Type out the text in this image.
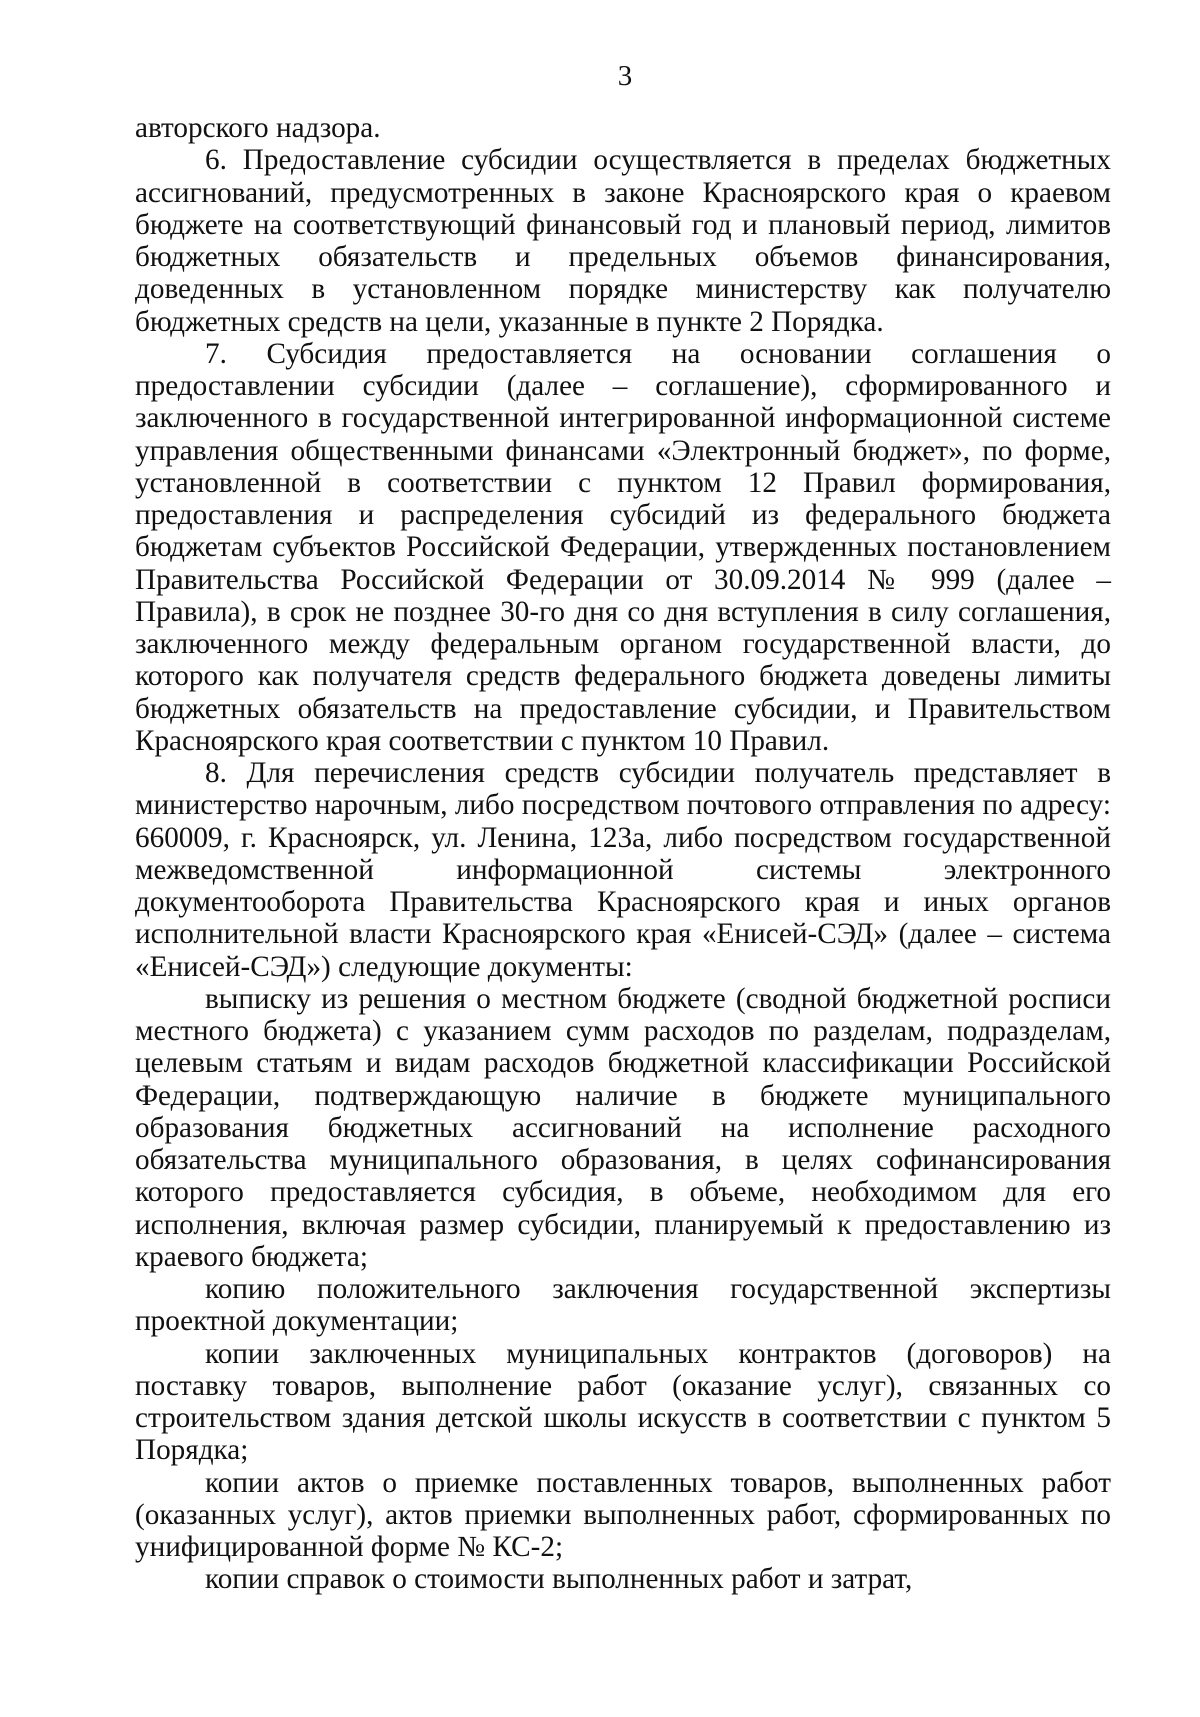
3

авторского надзора.

6. Предоставление субсидии осуществляется в пределах бюджетных ассигнований, предусмотренных в законе Красноярского края о краевом бюджете на соответствующий финансовый год и плановый период, лимитов бюджетных обязательств и предельных объемов финансирования, доведенных в установленном порядке министерству как получателю бюджетных средств на цели, указанные в пункте 2 Порядка.

7. Субсидия предоставляется на основании соглашения о предоставлении субсидии (далее – соглашение), сформированного и заключенного в государственной интегрированной информационной системе управления общественными финансами «Электронный бюджет», по форме, установленной в соответствии с пунктом 12 Правил формирования, предоставления и распределения субсидий из федерального бюджета бюджетам субъектов Российской Федерации, утвержденных постановлением Правительства Российской Федерации от 30.09.2014 № 999 (далее – Правила), в срок не позднее 30-го дня со дня вступления в силу соглашения, заключенного между федеральным органом государственной власти, до которого как получателя средств федерального бюджета доведены лимиты бюджетных обязательств на предоставление субсидии, и Правительством Красноярского края соответствии с пунктом 10 Правил.

8. Для перечисления средств субсидии получатель представляет в министерство нарочным, либо посредством почтового отправления по адресу: 660009, г. Красноярск, ул. Ленина, 123а, либо посредством государственной межведомственной информационной системы электронного документооборота Правительства Красноярского края и иных органов исполнительной власти Красноярского края «Енисей-СЭД» (далее – система «Енисей-СЭД») следующие документы:

выписку из решения о местном бюджете (сводной бюджетной росписи местного бюджета) с указанием сумм расходов по разделам, подразделам, целевым статьям и видам расходов бюджетной классификации Российской Федерации, подтверждающую наличие в бюджете муниципального образования бюджетных ассигнований на исполнение расходного обязательства муниципального образования, в целях софинансирования которого предоставляется субсидия, в объеме, необходимом для его исполнения, включая размер субсидии, планируемый к предоставлению из краевого бюджета;

копию положительного заключения государственной экспертизы проектной документации;

копии заключенных муниципальных контрактов (договоров) на поставку товаров, выполнение работ (оказание услуг), связанных со строительством здания детской школы искусств в соответствии с пунктом 5 Порядка;

копии актов о приемке поставленных товаров, выполненных работ (оказанных услуг), актов приемки выполненных работ, сформированных по унифицированной форме № КС-2;

копии справок о стоимости выполненных работ и затрат,
